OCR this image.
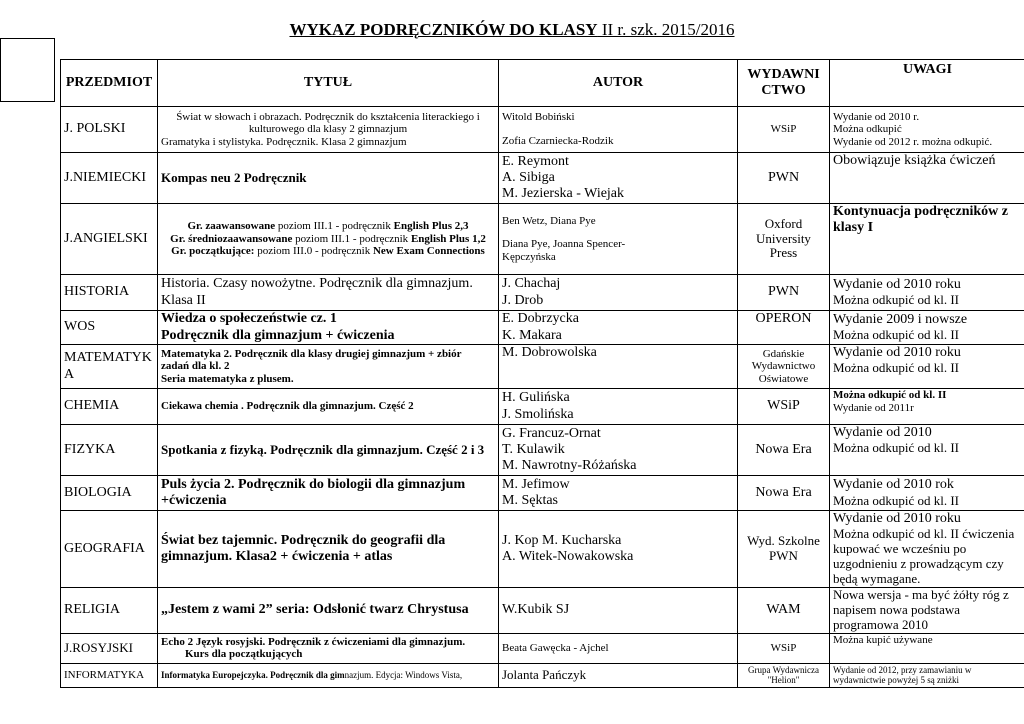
WYKAZ PODRĘCZNIKÓW DO KLASY II r. szk. 2015/2016
PRZEDMIOT	TYTUŁ	AUTOR	WYDAWNI
CTWO	UWAGI
J. POLSKI	Świat w słowach i obrazach. Podręcznik do kształcenia literackiego i
kulturowego dla klasy 2 gimnazjum
Gramatyka i stylistyka. Podręcznik. Klasa 2 gimnazjum	Witold Bobiński
Zofia Czarniecka-Rodzik	WSiP	Wydanie od 2010 r.
Można odkupić
Wydanie od 2012 r. można odkupić.

J.NIEMIECKI	Kompas neu 2 Podręcznik	E. Reymont
A. Sibiga
M. Jezierska - Wiejak	PWN	Obowiązuje książka ćwiczeń
J.ANGIELSKI	Gr. zaawansowane poziom III.1 - podręcznik English Plus 2,3
Gr. średniozaawansowane poziom III.1 - podręcznik English Plus 1,2
Gr. początkujące: poziom III.0 - podręcznik New Exam Connections	Ben Wetz, Diana Pye
Diana Pye, Joanna Spencer-
Kępczyńska	Oxford
University
Press	Kontynuacja podręczników z klasy I
HISTORIA	Historia. Czasy nowożytne. Podręcznik dla gimnazjum.
Klasa II	J. Chachaj
J. Drob	PWN	Wydanie od 2010 roku
Można odkupić od kl. II

WOS	Wiedza o społeczeństwie cz. 1
Podręcznik dla gimnazjum + ćwiczenia	E. Dobrzycka
K. Makara	OPERON	Wydanie 2009 i nowsze
Można odkupić od kl. II

MATEMATYK
A	Matematyka 2. Podręcznik dla klasy drugiej gimnazjum + zbiór
zadań dla kl. 2
Seria matematyka z plusem.	M. Dobrowolska	Gdańskie
Wydawnictwo
Oświatowe	Wydanie od 2010 roku
Można odkupić od kl. II

CHEMIA	Ciekawa chemia . Podręcznik dla gimnazjum. Część 2	H. Gulińska
J. Smolińska	WSiP	Można odkupić od kl. II
Wydanie od 2011r

FIZYKA	Spotkania z fizyką. Podręcznik dla gimnazjum. Część 2 i 3	G. Francuz-Ornat
T. Kulawik
M. Nawrotny-Różańska	Nowa Era	Wydanie od 2010
Można odkupić od kl. II

BIOLOGIA	Puls życia 2. Podręcznik do biologii dla gimnazjum
+ćwiczenia	M. Jefimow
M. Sęktas	Nowa Era	Wydanie od 2010 rok
Można odkupić od kl. II

GEOGRAFIA	Świat bez tajemnic. Podręcznik do geografii dla
gimnazjum. Klasa2 + ćwiczenia + atlas	J. Kop M. Kucharska
A. Witek-Nowakowska	Wyd. Szkolne
PWN	Wydanie od 2010 roku
Można odkupić od kl. II ćwiczenia kupować we wcześniu po uzgodnieniu z prowadzącym czy będą wymagane.

RELIGIA	„Jestem z wami 2” seria: Odsłonić twarz Chrystusa	W.Kubik SJ	WAM	Nowa wersja - ma być żółty róg z napisem nowa podstawa programowa 2010
J.ROSYJSKI	Echo 2 Język rosyjski. Podręcznik z ćwiczeniami dla gimnazjum.
Kurs dla początkujących	Beata Gawęcka - Ajchel	WSiP	Można kupić używane
INFORMATYKA	Informatyka Europejczyka. Podręcznik dla gimnazjum. Edycja: Windows Vista,	Jolanta Pańczyk	Grupa Wydawnicza
"Helion"	Wydanie od 2012, przy zamawianiu w wydawnictwie powyżej 5 są zniżki
